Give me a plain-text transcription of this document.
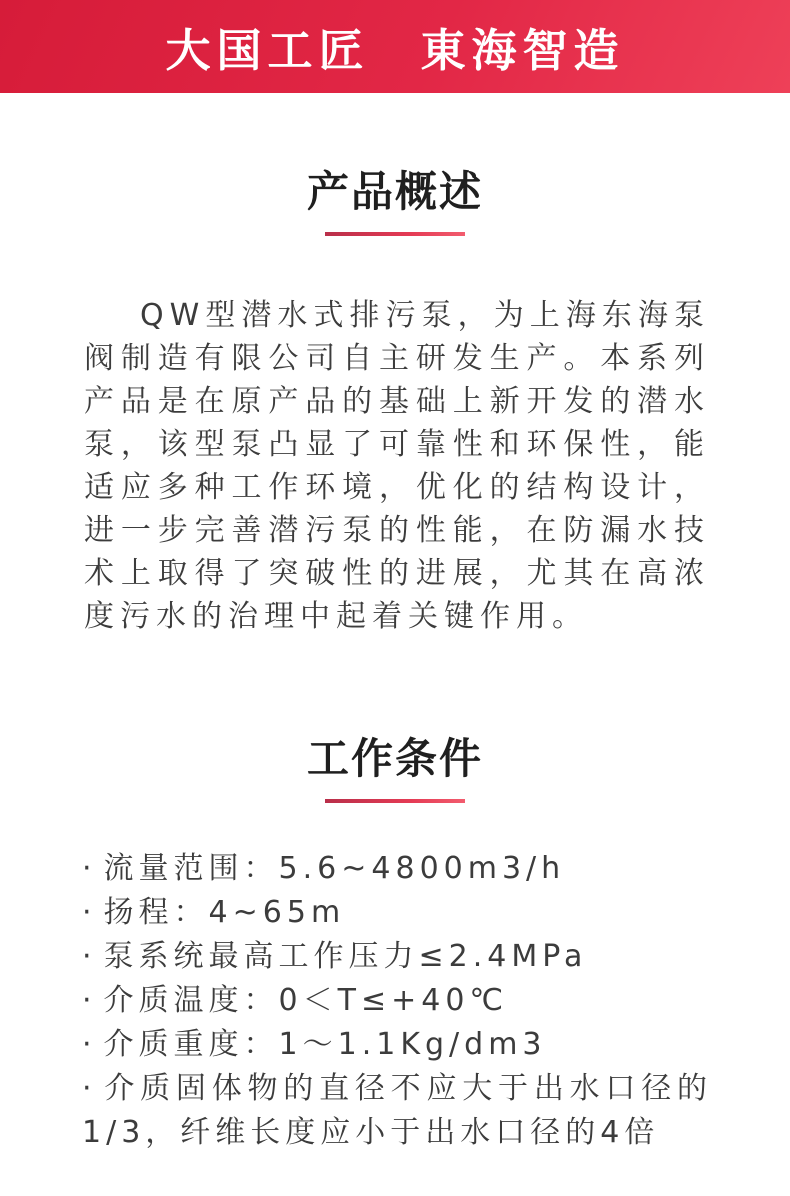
大国工匠　東海智造
产品概述

QW型潜水式排污泵，为上海东海泵阀制造有限公司自主研发生产。本系列产品是在原产品的基础上新开发的潜水泵，该型泵凸显了可靠性和环保性，能适应多种工作环境，优化的结构设计，进一步完善潜污泵的性能，在防漏水技术上取得了突破性的进展，尤其在高浓度污水的治理中起着关键作用。

工作条件
· 流量范围：5.6~4800m3/h
· 扬程：4~65m
· 泵系统最高工作压力≤2.4MPa
· 介质温度：0＜T≤+40℃
· 介质重度：1～1.1Kg/dm3
· 介质固体物的直径不应大于出水口径的1/3，纤维长度应小于出水口径的4倍
